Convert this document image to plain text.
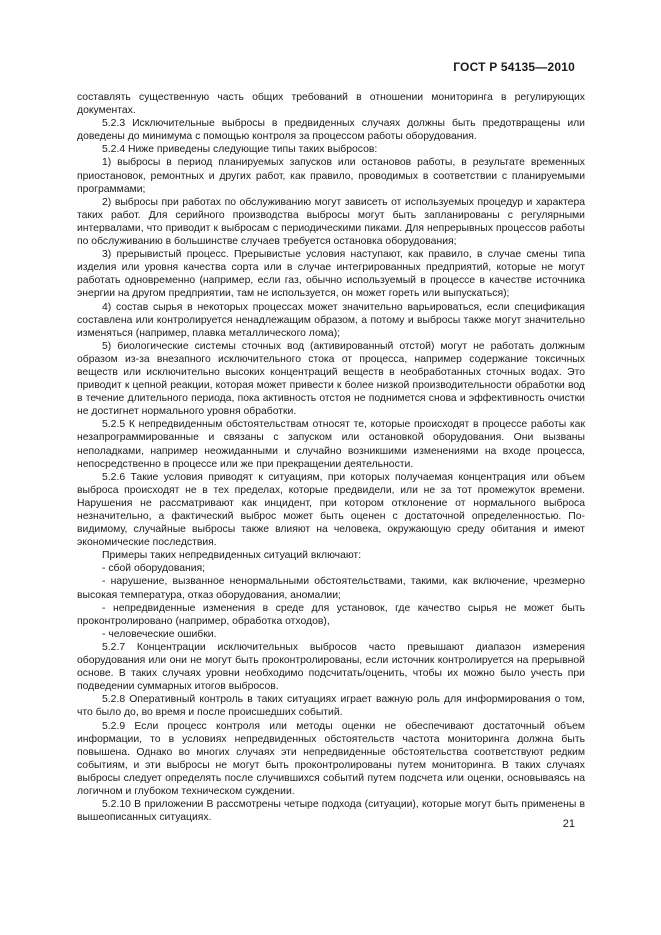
ГОСТ Р 54135—2010

составлять существенную часть общих требований в отношении мониторинга в регулирующих документах.

5.2.3 Исключительные выбросы в предвиденных случаях должны быть предотвращены или доведены до минимума с помощью контроля за процессом работы оборудования.

5.2.4 Ниже приведены следующие типы таких выбросов:

1) выбросы в период планируемых запусков или остановов работы, в результате временных приостановок, ремонтных и других работ, как правило, проводимых в соответствии с планируемыми программами;

2) выбросы при работах по обслуживанию могут зависеть от используемых процедур и характера таких работ. Для серийного производства выбросы могут быть запланированы с регулярными интервалами, что приводит к выбросам с периодическими пиками. Для непрерывных процессов работы по обслуживанию в большинстве случаев требуется остановка оборудования;

3) прерывистый процесс. Прерывистые условия наступают, как правило, в случае смены типа изделия или уровня качества сорта или в случае интегрированных предприятий, которые не могут работать одновременно (например, если газ, обычно используемый в процессе в качестве источника энергии на другом предприятии, там не используется, он может гореть или выпускаться);

4) состав сырья в некоторых процессах может значительно варьироваться, если спецификация составлена или контролируется ненадлежащим образом, а потому и выбросы также могут значительно изменяться (например, плавка металлического лома);

5) биологические системы сточных вод (активированный отстой) могут не работать должным образом из-за внезапного исключительного стока от процесса, например содержание токсичных веществ или исключительно высоких концентраций веществ в необработанных сточных водах. Это приводит к цепной реакции, которая может привести к более низкой производительности обработки вод в течение длительного периода, пока активность отстоя не поднимется снова и эффективность очистки не достигнет нормального уровня обработки.

5.2.5 К непредвиденным обстоятельствам относят те, которые происходят в процессе работы как незапрограммированные и связаны с запуском или остановкой оборудования. Они вызваны неполадками, например неожиданными и случайно возникшими изменениями на входе процесса, непосредственно в процессе или же при прекращении деятельности.

5.2.6 Такие условия приводят к ситуациям, при которых получаемая концентрация или объем выброса происходят не в тех пределах, которые предвидели, или не за тот промежуток времени. Нарушения не рассматривают как инцидент, при котором отклонение от нормального выброса незначительно, а фактический выброс может быть оценен с достаточной определенностью. По-видимому, случайные выбросы также влияют на человека, окружающую среду обитания и имеют экономические последствия.

Примеры таких непредвиденных ситуаций включают:

- сбой оборудования;

- нарушение, вызванное ненормальными обстоятельствами, такими, как включение, чрезмерно высокая температура, отказ оборудования, аномалии;

- непредвиденные изменения в среде для установок, где качество сырья не может быть проконтролировано (например, обработка отходов),

- человеческие ошибки.

5.2.7 Концентрации исключительных выбросов часто превышают диапазон измерения оборудования или они не могут быть проконтролированы, если источник контролируется на прерывной основе. В таких случаях уровни необходимо подсчитать/оценить, чтобы их можно было учесть при подведении суммарных итогов выбросов.

5.2.8 Оперативный контроль в таких ситуациях играет важную роль для информирования о том, что было до, во время и после происшедших событий.

5.2.9 Если процесс контроля или методы оценки не обеспечивают достаточный объем информации, то в условиях непредвиденных обстоятельств частота мониторинга должна быть повышена. Однако во многих случаях эти непредвиденные обстоятельства соответствуют редким событиям, и эти выбросы не могут быть проконтролированы путем мониторинга. В таких случаях выбросы следует определять после случившихся событий путем подсчета или оценки, основываясь на логичном и глубоком техническом суждении.

5.2.10 В приложении В рассмотрены четыре подхода (ситуации), которые могут быть применены в вышеописанных ситуациях.

21
